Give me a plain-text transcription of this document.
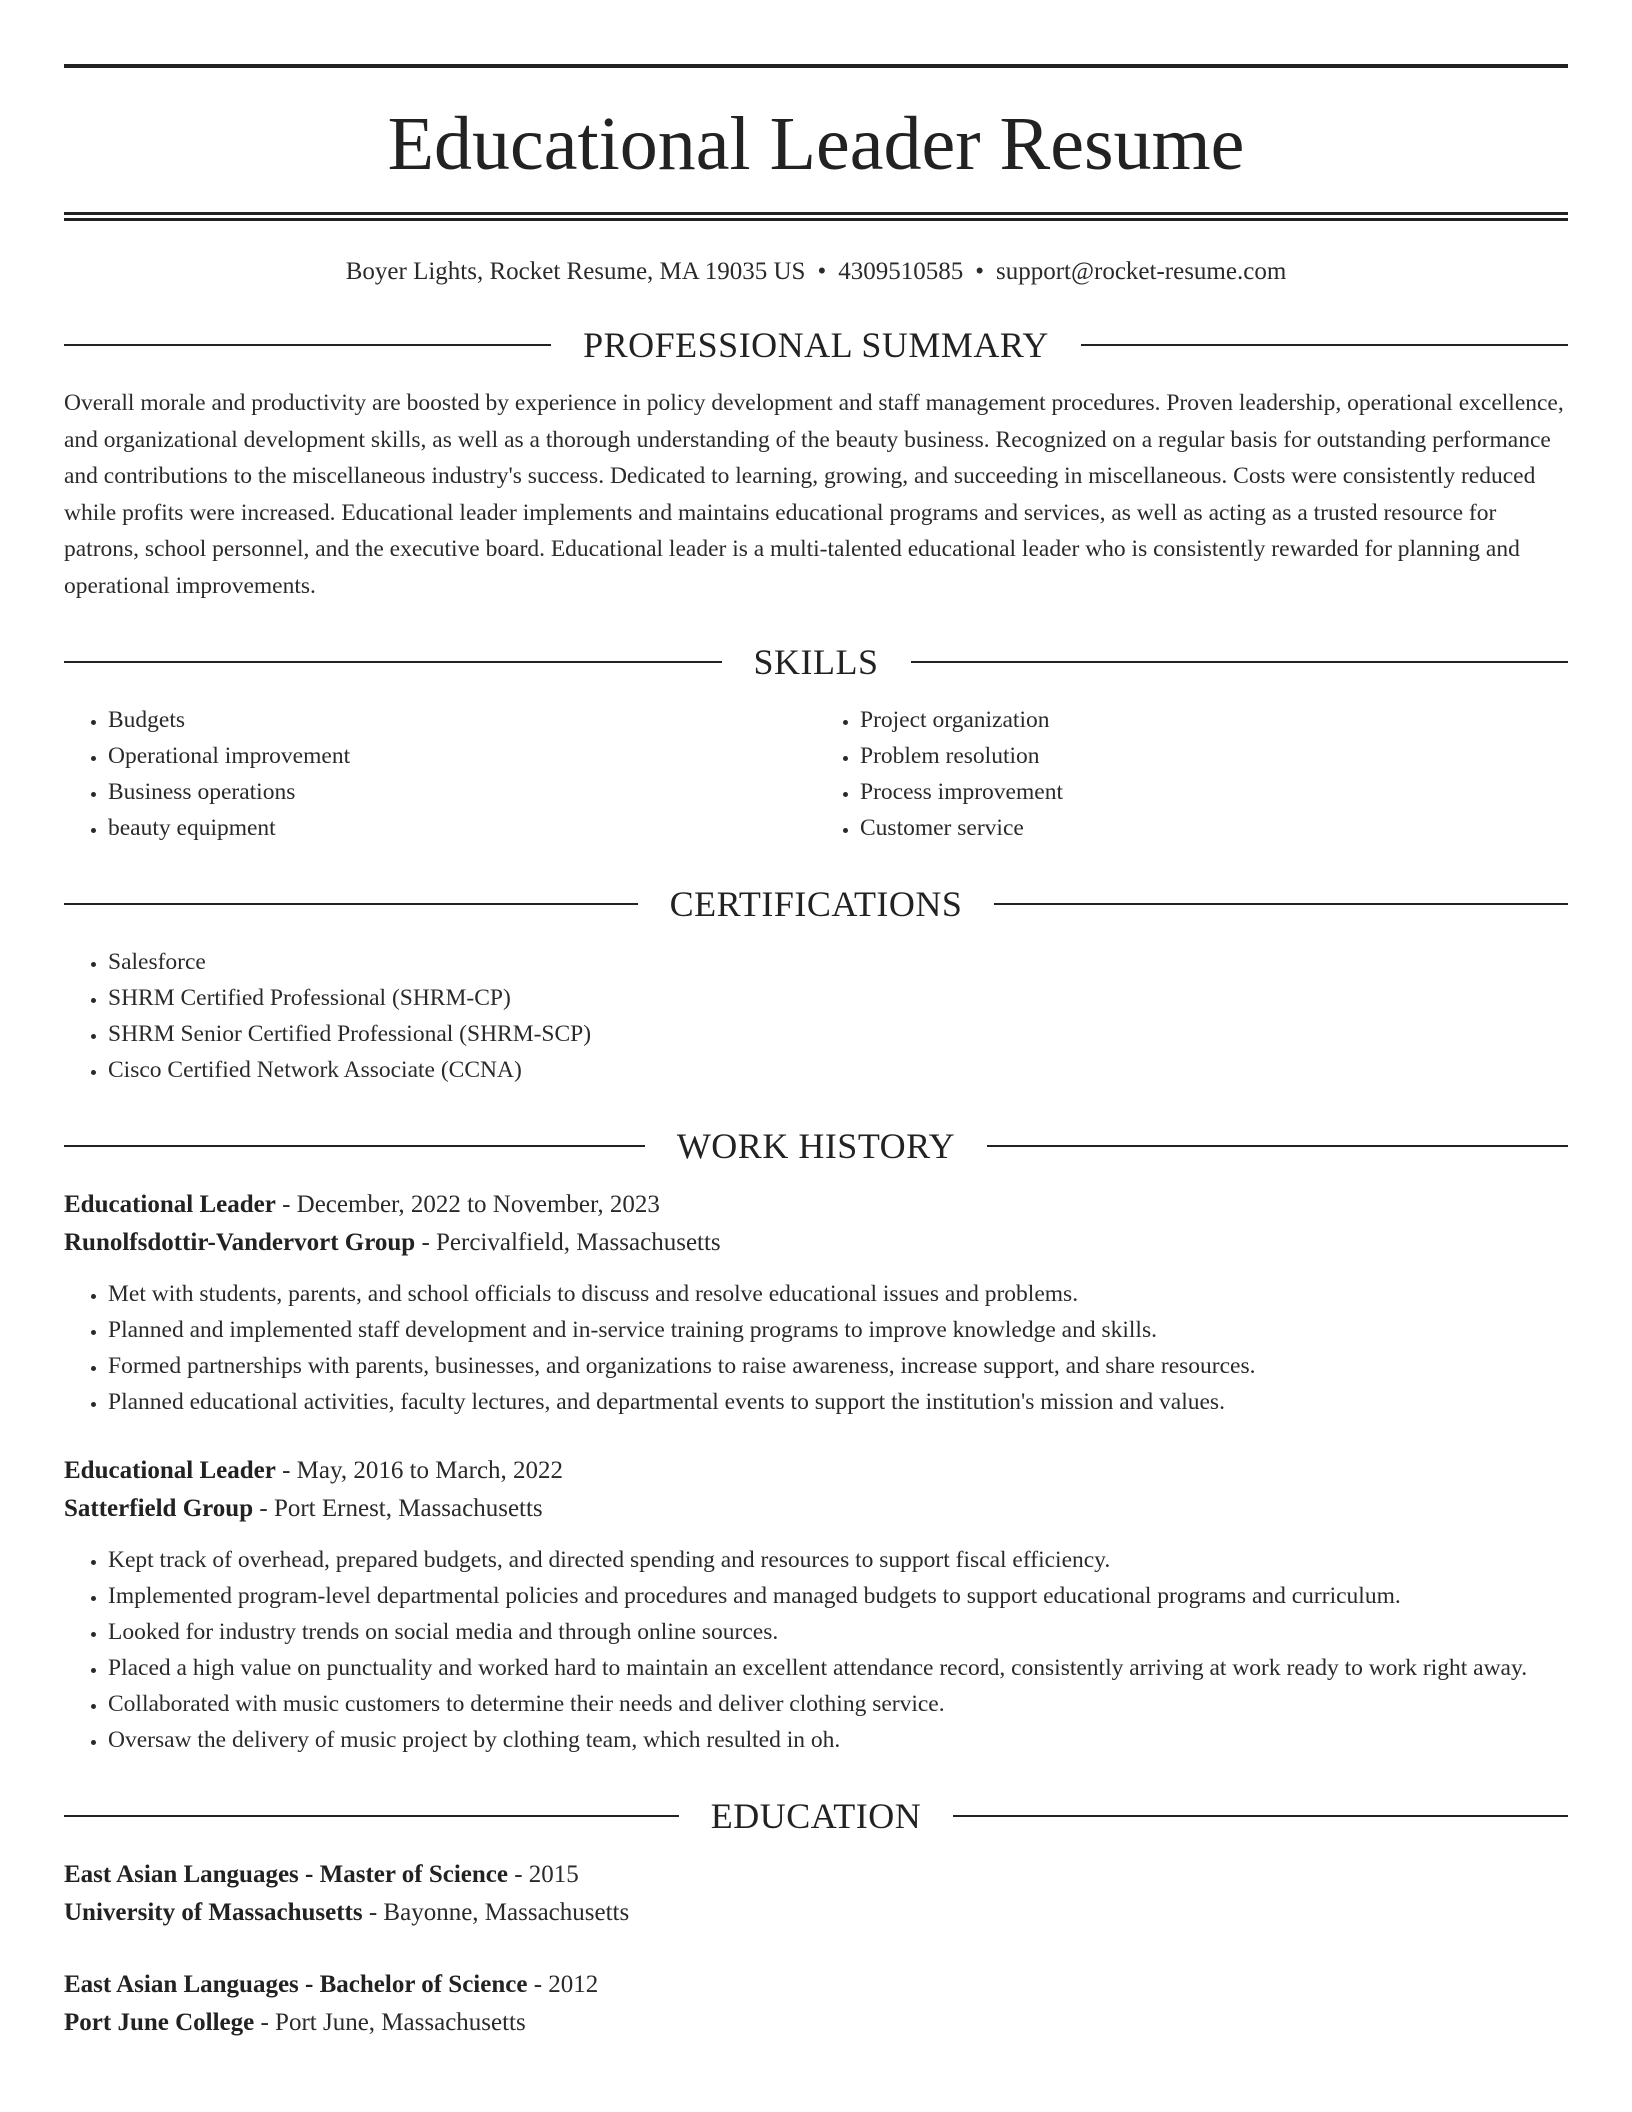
Educational Leader Resume
Boyer Lights, Rocket Resume, MA 19035 US • 4309510585 • support@rocket-resume.com
PROFESSIONAL SUMMARY

Overall morale and productivity are boosted by experience in policy development and staff management procedures. Proven leadership, operational excellence, and organizational development skills, as well as a thorough understanding of the beauty business. Recognized on a regular basis for outstanding performance and contributions to the miscellaneous industry's success. Dedicated to learning, growing, and succeeding in miscellaneous. Costs were consistently reduced while profits were increased. Educational leader implements and maintains educational programs and services, as well as acting as a trusted resource for patrons, school personnel, and the executive board. Educational leader is a multi-talented educational leader who is consistently rewarded for planning and operational improvements.

SKILLS
• Budgets
• Operational improvement
• Business operations
• beauty equipment
• Project organization
• Problem resolution
• Process improvement
• Customer service
CERTIFICATIONS
• Salesforce
• SHRM Certified Professional (SHRM-CP)
• SHRM Senior Certified Professional (SHRM-SCP)
• Cisco Certified Network Associate (CCNA)
WORK HISTORY
Educational Leader - December, 2022 to November, 2023
Runolfsdottir-Vandervort Group - Percivalfield, Massachusetts
• Met with students, parents, and school officials to discuss and resolve educational issues and problems.
• Planned and implemented staff development and in-service training programs to improve knowledge and skills.
• Formed partnerships with parents, businesses, and organizations to raise awareness, increase support, and share resources.
• Planned educational activities, faculty lectures, and departmental events to support the institution's mission and values.
Educational Leader - May, 2016 to March, 2022
Satterfield Group - Port Ernest, Massachusetts
• Kept track of overhead, prepared budgets, and directed spending and resources to support fiscal efficiency.
• Implemented program-level departmental policies and procedures and managed budgets to support educational programs and curriculum.
• Looked for industry trends on social media and through online sources.
• Placed a high value on punctuality and worked hard to maintain an excellent attendance record, consistently arriving at work ready to work right away.
• Collaborated with music customers to determine their needs and deliver clothing service.
• Oversaw the delivery of music project by clothing team, which resulted in oh.
EDUCATION
East Asian Languages - Master of Science - 2015
University of Massachusetts - Bayonne, Massachusetts
East Asian Languages - Bachelor of Science - 2012
Port June College - Port June, Massachusetts
